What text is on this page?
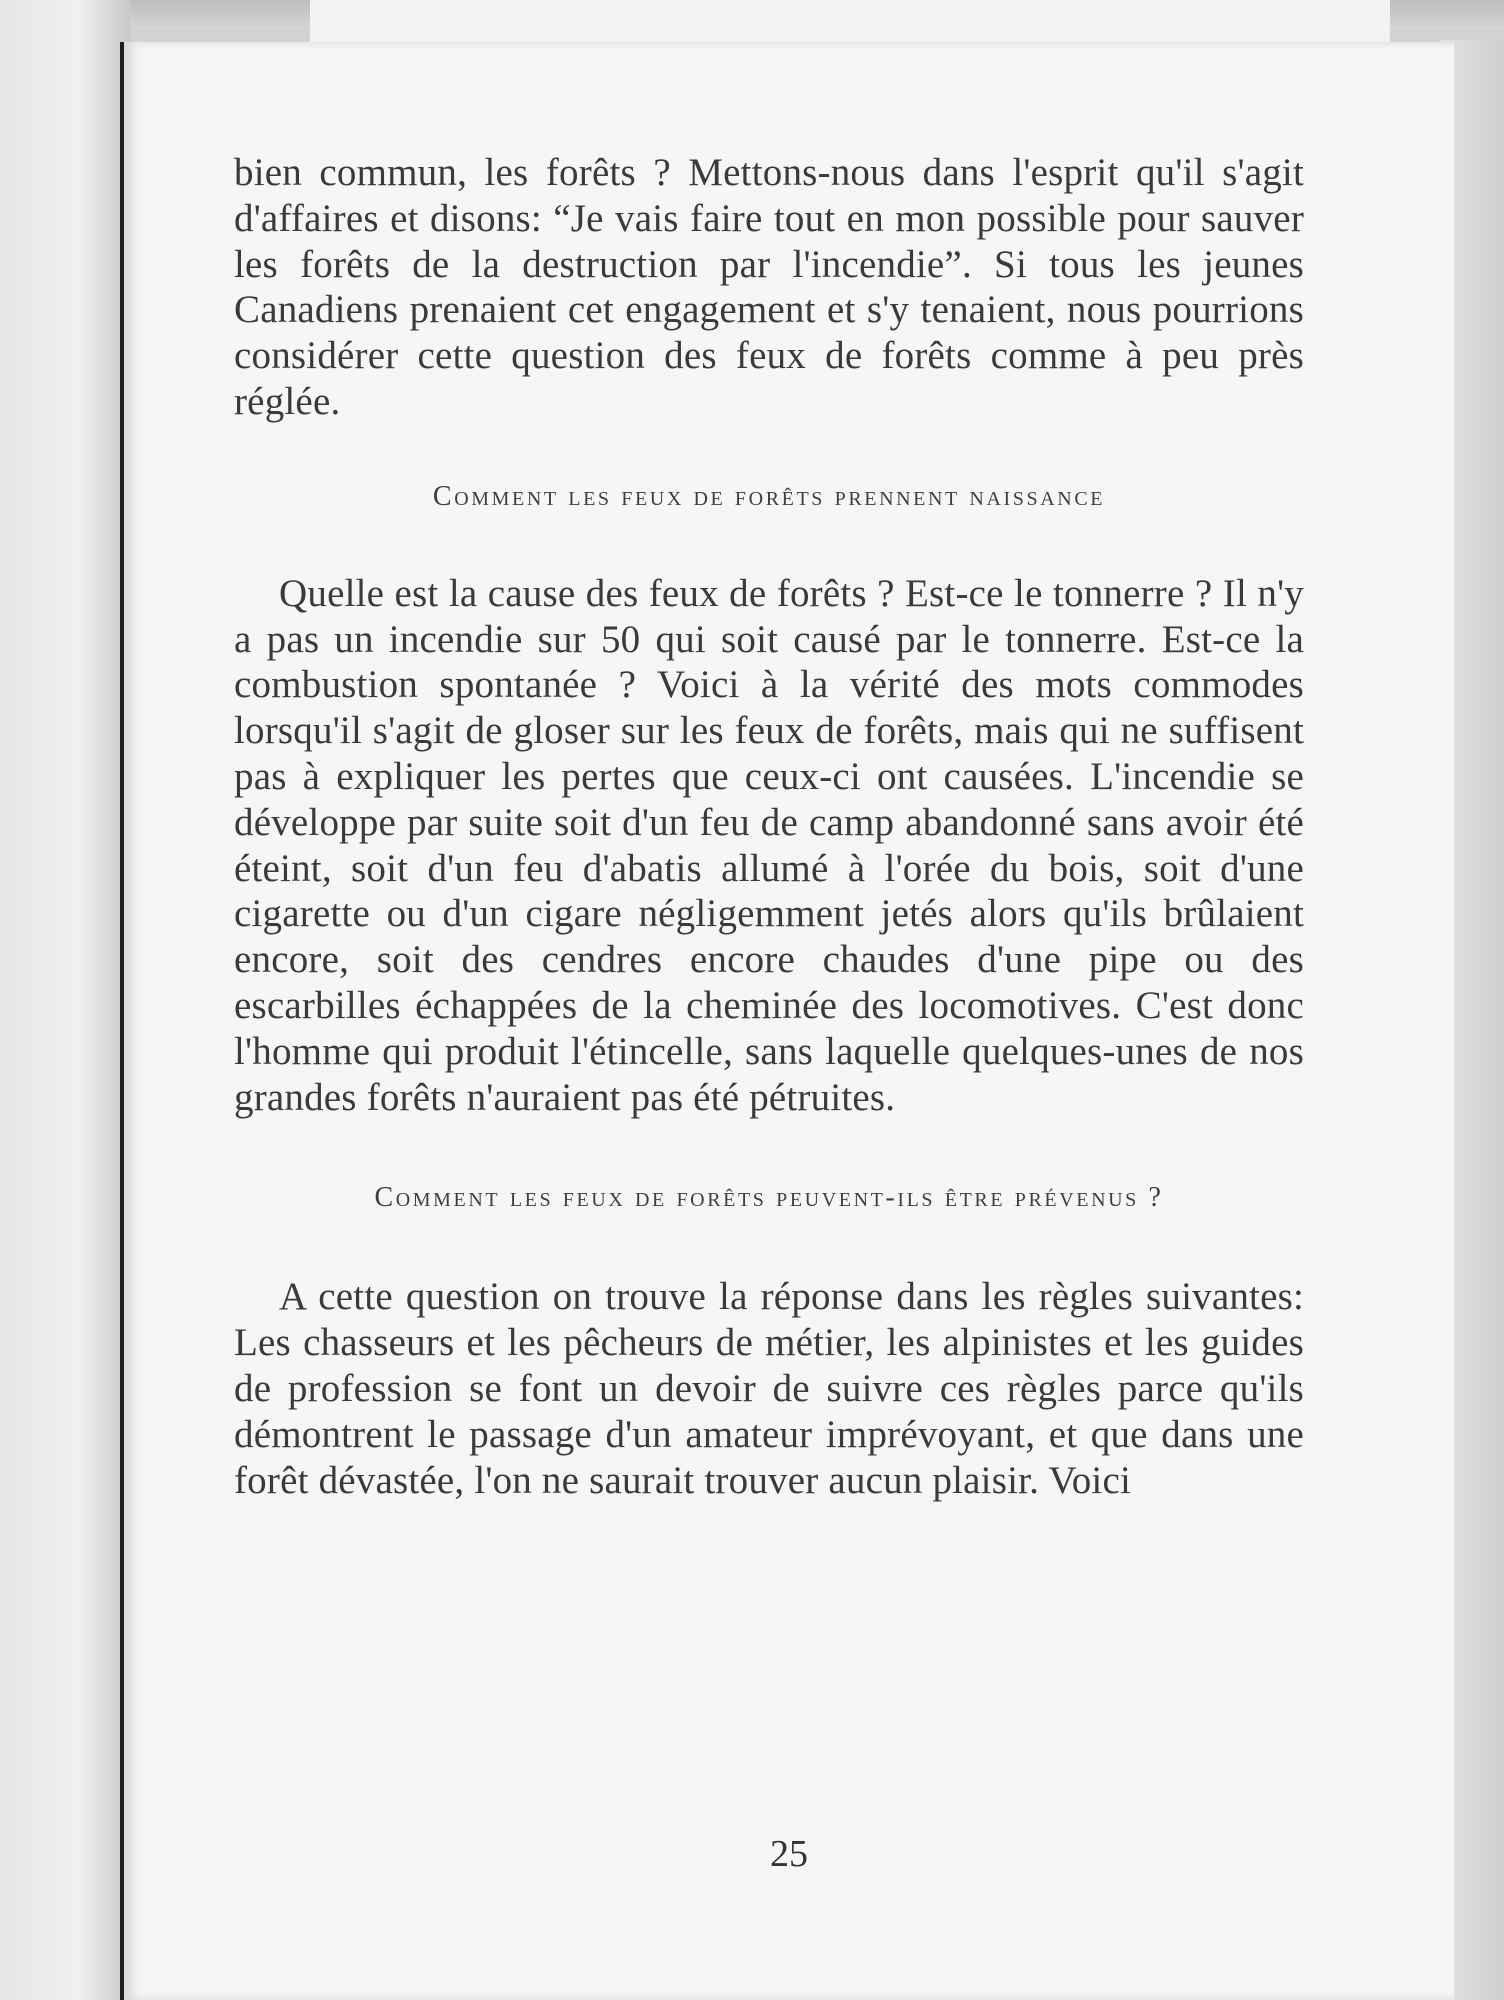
bien commun, les forêts ? Mettons-nous dans l'esprit qu'il s'agit d'affaires et disons: “Je vais faire tout en mon possible pour sauver les forêts de la destruction par l'incendie”. Si tous les jeunes Canadiens prenaient cet engagement et s'y tenaient, nous pourrions considérer cette question des feux de forêts comme à peu près réglée.

Comment les feux de forêts prennent naissance

Quelle est la cause des feux de forêts ? Est-ce le tonnerre ? Il n'y a pas un incendie sur 50 qui soit causé par le tonnerre. Est-ce la combustion spontanée ? Voici à la vérité des mots commodes lorsqu'il s'agit de gloser sur les feux de forêts, mais qui ne suffisent pas à expliquer les pertes que ceux-ci ont causées. L'incendie se développe par suite soit d'un feu de camp abandonné sans avoir été éteint, soit d'un feu d'abatis allumé à l'orée du bois, soit d'une cigarette ou d'un cigare négligemment jetés alors qu'ils brûlaient encore, soit des cendres encore chaudes d'une pipe ou des escarbilles échappées de la cheminée des locomotives. C'est donc l'homme qui produit l'étincelle, sans laquelle quelques-unes de nos grandes forêts n'auraient pas été pétruites.

Comment les feux de forêts peuvent-ils être prévenus ?

A cette question on trouve la réponse dans les règles suivantes: Les chasseurs et les pêcheurs de métier, les alpinistes et les guides de profession se font un devoir de suivre ces règles parce qu'ils démontrent le passage d'un amateur imprévoyant, et que dans une forêt dévastée, l'on ne saurait trouver aucun plaisir. Voici

25
